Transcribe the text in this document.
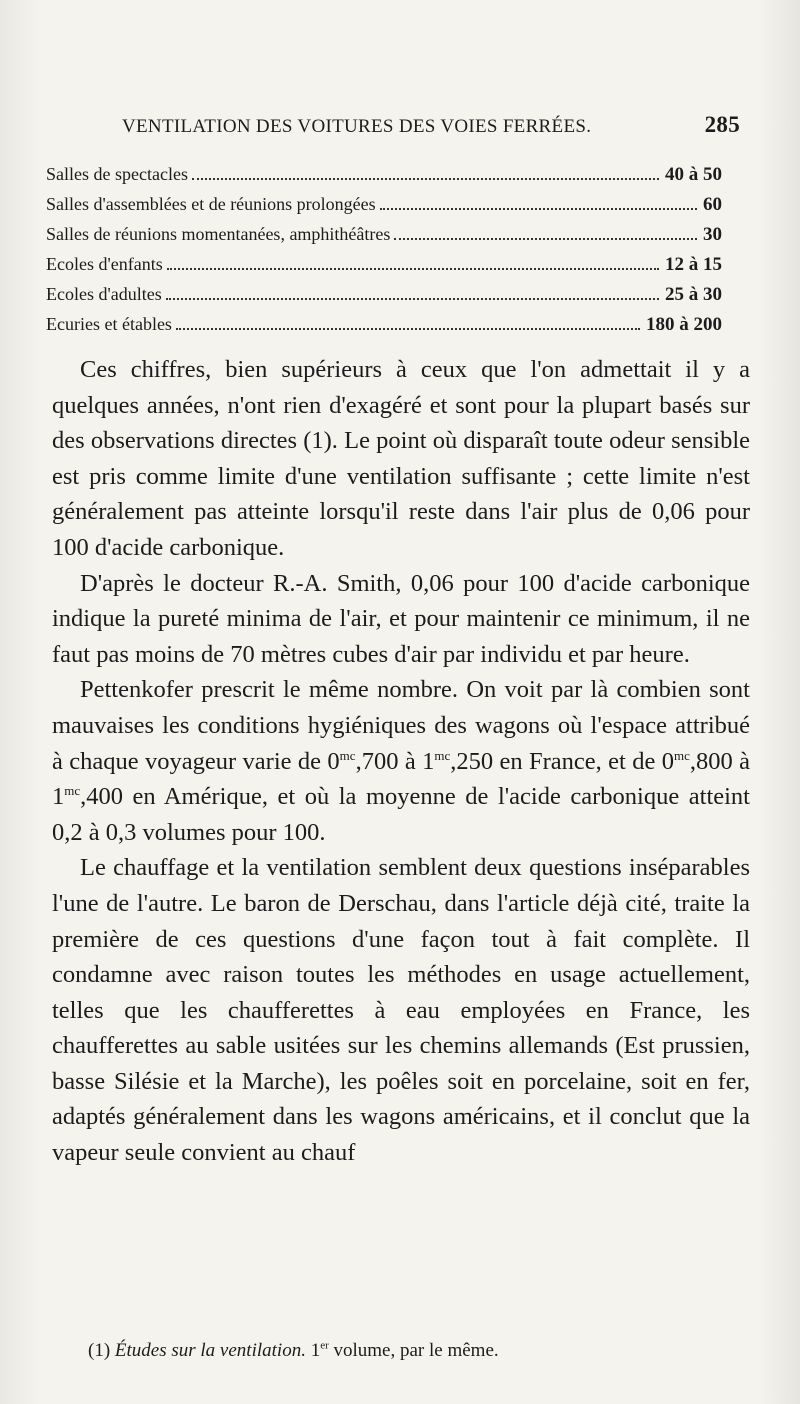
VENTILATION DES VOITURES DES VOIES FERRÉES.	285
Salles de spectacles	40 à 50
Salles d'assemblées et de réunions prolongées	60
Salles de réunions momentanées, amphithéâtres	30
Ecoles d'enfants	12 à 15
Ecoles d'adultes	25 à 30
Ecuries et étables	180 à 200

Ces chiffres, bien supérieurs à ceux que l'on admettait il y a quelques années, n'ont rien d'exagéré et sont pour la plupart basés sur des observations directes (1). Le point où disparaît toute odeur sensible est pris comme limite d'une ventilation suffisante ; cette limite n'est généralement pas atteinte lorsqu'il reste dans l'air plus de 0,06 pour 100 d'acide carbonique.

D'après le docteur R.-A. Smith, 0,06 pour 100 d'acide carbonique indique la pureté minima de l'air, et pour maintenir ce minimum, il ne faut pas moins de 70 mètres cubes d'air par individu et par heure.

Pettenkofer prescrit le même nombre. On voit par là combien sont mauvaises les conditions hygiéniques des wagons où l'espace attribué à chaque voyageur varie de $0^{mc},700$ à $1^{mc},250$ en France, et de $0^{mc},800$ à $1^{mc},400$ en Amérique, et où la moyenne de l'acide carbonique atteint 0,2 à 0,3 volumes pour 100.

Le chauffage et la ventilation semblent deux questions inséparables l'une de l'autre. Le baron de Derschau, dans l'article déjà cité, traite la première de ces questions d'une façon tout à fait complète. Il condamne avec raison toutes les méthodes en usage actuellement, telles que les chaufferettes à eau employées en France, les chaufferettes au sable usitées sur les chemins allemands (Est prussien, basse Silésie et la Marche), les poêles soit en porcelaine, soit en fer, adaptés généralement dans les wagons américains, et il conclut que la vapeur seule convient au chauf

(1) Études sur la ventilation. 1er volume, par le même.
